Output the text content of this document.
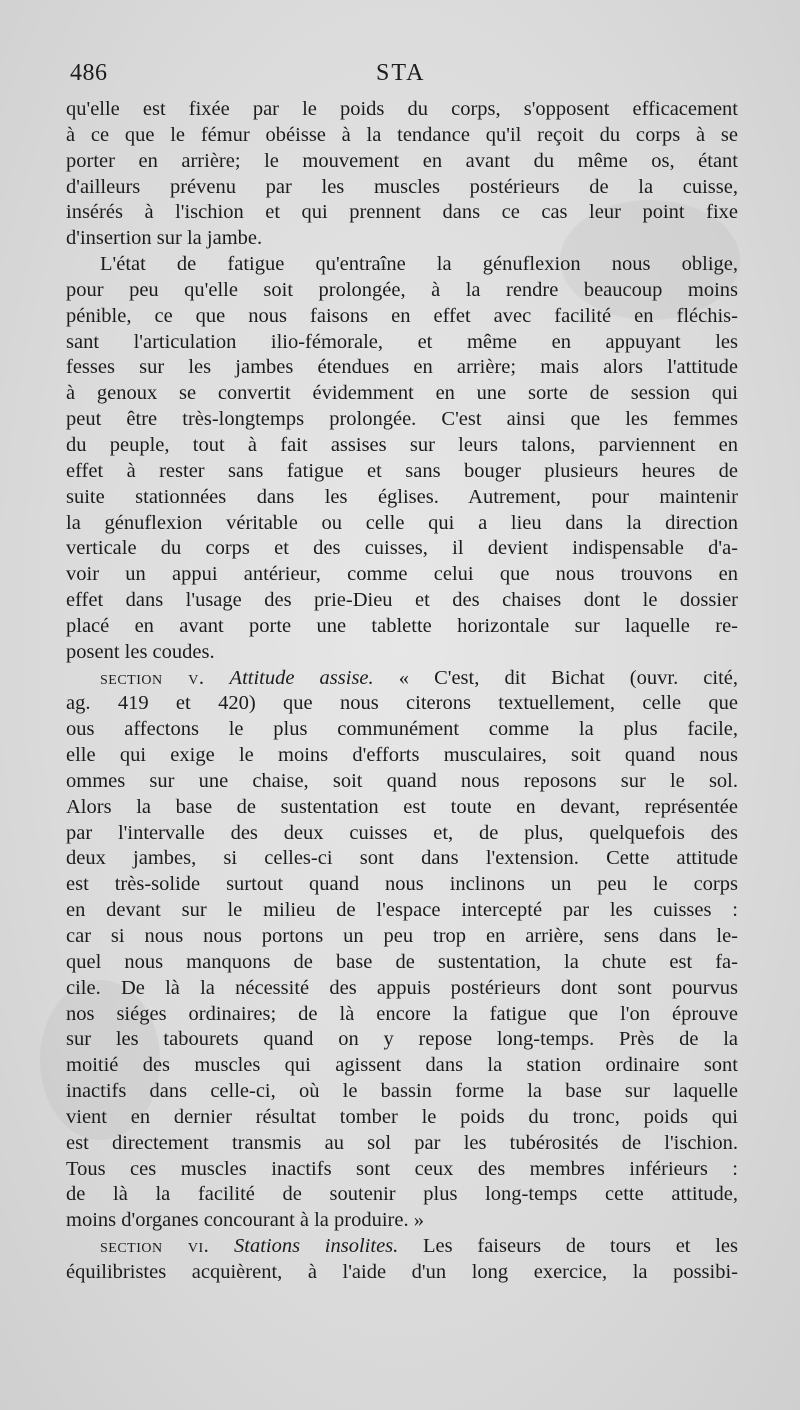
486	STA
qu'elle est fixée par le poids du corps, s'opposent efficacement
à ce que le fémur obéisse à la tendance qu'il reçoit du corps à se
porter en arrière; le mouvement en avant du même os, étant
d'ailleurs prévenu par les muscles postérieurs de la cuisse,
insérés à l'ischion et qui prennent dans ce cas leur point fixe
d'insertion sur la jambe.
L'état de fatigue qu'entraîne la génuflexion nous oblige,
pour peu qu'elle soit prolongée, à la rendre beaucoup moins
pénible, ce que nous faisons en effet avec facilité en fléchis-
sant l'articulation ilio-fémorale, et même en appuyant les
fesses sur les jambes étendues en arrière; mais alors l'attitude
à genoux se convertit évidemment en une sorte de session qui
peut être très-longtemps prolongée. C'est ainsi que les femmes
du peuple, tout à fait assises sur leurs talons, parviennent en
effet à rester sans fatigue et sans bouger plusieurs heures de
suite stationnées dans les églises. Autrement, pour maintenir
la génuflexion véritable ou celle qui a lieu dans la direction
verticale du corps et des cuisses, il devient indispensable d'a-
voir un appui antérieur, comme celui que nous trouvons en
effet dans l'usage des prie-Dieu et des chaises dont le dossier
placé en avant porte une tablette horizontale sur laquelle re-
posent les coudes.
section v. Attitude assise. « C'est, dit Bichat (ouvr. cité,
ag. 419 et 420) que nous citerons textuellement, celle que
ous affectons le plus communément comme la plus facile,
elle qui exige le moins d'efforts musculaires, soit quand nous
ommes sur une chaise, soit quand nous reposons sur le sol.
Alors la base de sustentation est toute en devant, représentée
par l'intervalle des deux cuisses et, de plus, quelquefois des
deux jambes, si celles-ci sont dans l'extension. Cette attitude
est très-solide surtout quand nous inclinons un peu le corps
en devant sur le milieu de l'espace intercepté par les cuisses :
car si nous nous portons un peu trop en arrière, sens dans le-
quel nous manquons de base de sustentation, la chute est fa-
cile. De là la nécessité des appuis postérieurs dont sont pourvus
nos siéges ordinaires; de là encore la fatigue que l'on éprouve
sur les tabourets quand on y repose long-temps. Près de la
moitié des muscles qui agissent dans la station ordinaire sont
inactifs dans celle-ci, où le bassin forme la base sur laquelle
vient en dernier résultat tomber le poids du tronc, poids qui
est directement transmis au sol par les tubérosités de l'ischion.
Tous ces muscles inactifs sont ceux des membres inférieurs :
de là la facilité de soutenir plus long-temps cette attitude,
moins d'organes concourant à la produire. »
section vi. Stations insolites. Les faiseurs de tours et les
équilibristes acquièrent, à l'aide d'un long exercice, la possibi-
